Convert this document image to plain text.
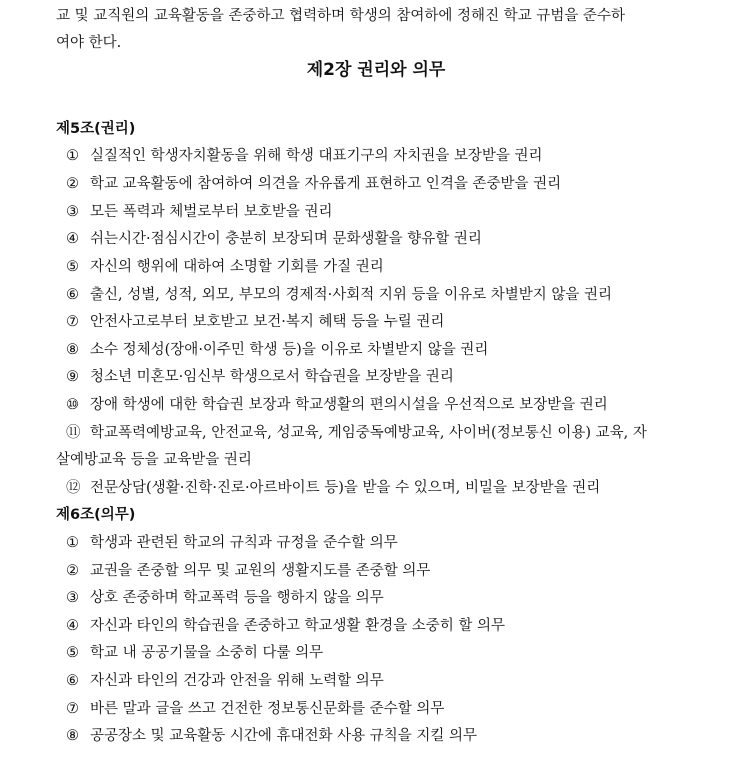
교 및 교직원의 교육활동을 존중하고 협력하며 학생의 참여하에 정해진 학교 규범을 준수하
여야 한다.
제2장 권리와 의무
제5조(권리)
① 실질적인 학생자치활동을 위해 학생 대표기구의 자치권을 보장받을 권리
② 학교 교육활동에 참여하여 의견을 자유롭게 표현하고 인격을 존중받을 권리
③ 모든 폭력과 체벌로부터 보호받을 권리
④ 쉬는시간·점심시간이 충분히 보장되며 문화생활을 향유할 권리
⑤ 자신의 행위에 대하여 소명할 기회를 가질 권리
⑥ 출신, 성별, 성적, 외모, 부모의 경제적·사회적 지위 등을 이유로 차별받지 않을 권리
⑦ 안전사고로부터 보호받고 보건·복지 혜택 등을 누릴 권리
⑧ 소수 정체성(장애·이주민 학생 등)을 이유로 차별받지 않을 권리
⑨ 청소년 미혼모·임신부 학생으로서 학습권을 보장받을 권리
⑩ 장애 학생에 대한 학습권 보장과 학교생활의 편의시설을 우선적으로 보장받을 권리
⑪ 학교폭력예방교육, 안전교육, 성교육, 게임중독예방교육, 사이버(정보통신 이용) 교육, 자
살예방교육 등을 교육받을 권리
⑫ 전문상담(생활·진학·진로·아르바이트 등)을 받을 수 있으며, 비밀을 보장받을 권리
제6조(의무)
① 학생과 관련된 학교의 규칙과 규정을 준수할 의무
② 교권을 존중할 의무 및 교원의 생활지도를 존중할 의무
③ 상호 존중하며 학교폭력 등을 행하지 않을 의무
④ 자신과 타인의 학습권을 존중하고 학교생활 환경을 소중히 할 의무
⑤ 학교 내 공공기물을 소중히 다룰 의무
⑥ 자신과 타인의 건강과 안전을 위해 노력할 의무
⑦ 바른 말과 글을 쓰고 건전한 정보통신문화를 준수할 의무
⑧ 공공장소 및 교육활동 시간에 휴대전화 사용 규칙을 지킬 의무
